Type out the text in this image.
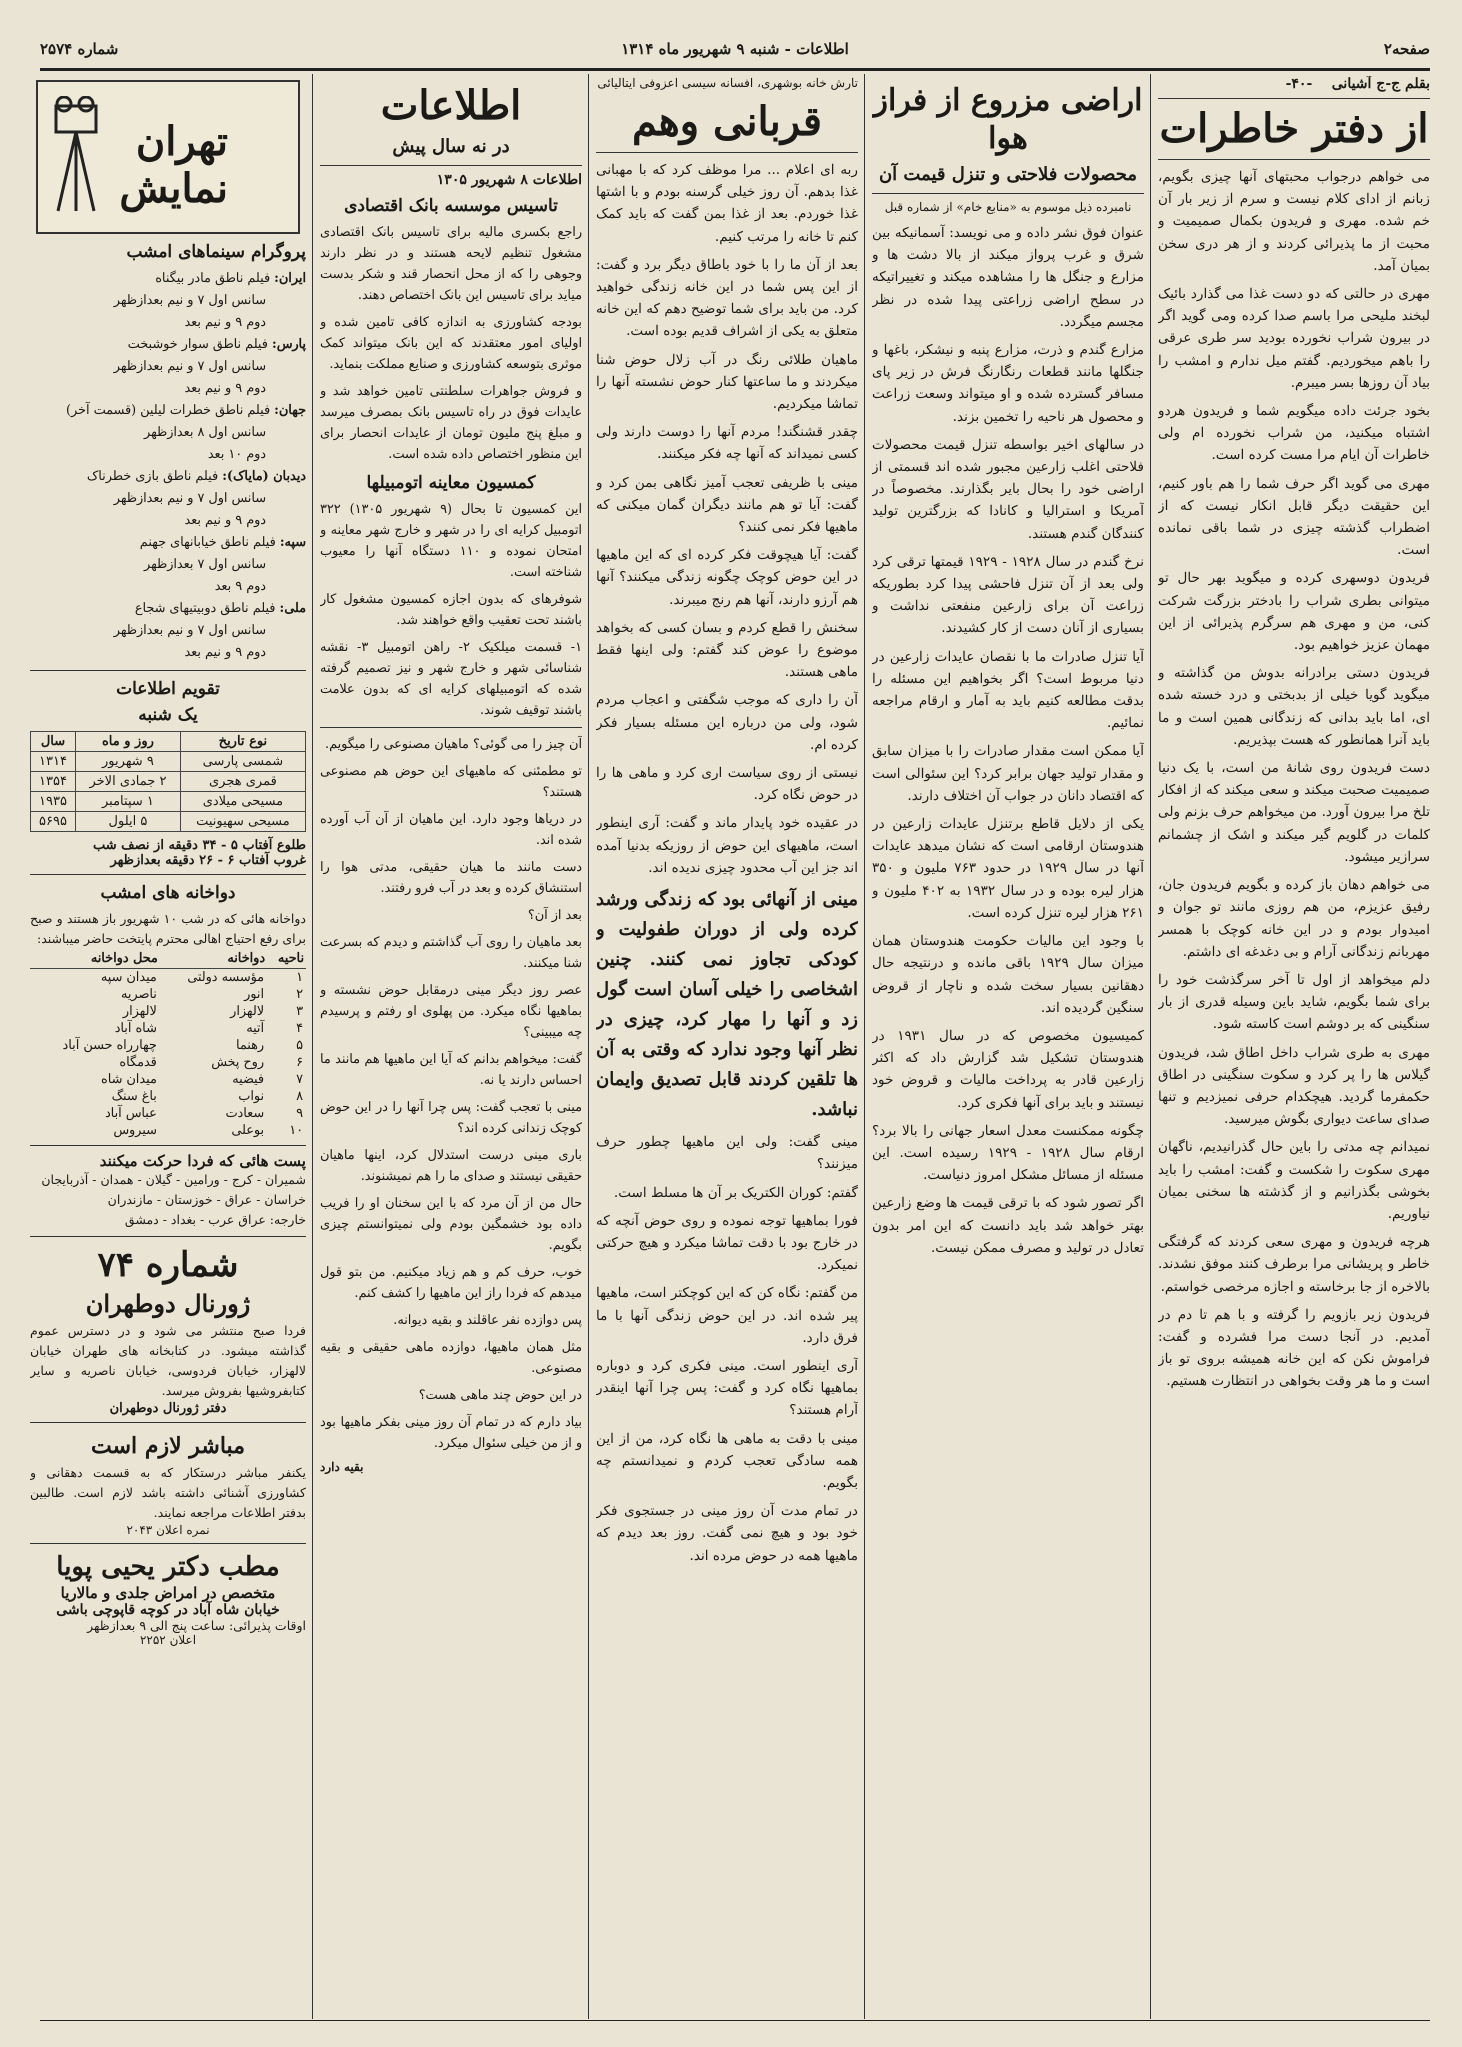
شماره ۲۵۷۴	اطلاعات - شنبه ۹ شهریور ماه ۱۳۱۴	صفحه۲
بقلم ج-ج آشیانی    -۴۰-
از دفتر خاطرات

می خواهم درجواب محبتهای آنها چیزی بگویم، زبانم از ادای کلام نیست و سرم از زیر بار آن خم شده. مهری و فریدون بکمال صمیمیت و محبت از ما پذیرائی کردند و از هر دری سخن بمیان آمد.

مهری در حالتی که دو دست غذا می گذارد بائیک لبخند مليحی مرا باسم صدا کرده ومی گوید اگر در بیرون شراب نخورده بودید سر طری عرقی را باهم میخوردیم. گفتم میل ندارم و امشب را بیاد آن روزها بسر میبرم.

بخود جرئت داده میگویم شما و فریدون هردو اشتباه میکنید، من شراب نخورده ام ولی خاطرات آن ایام مرا مست کرده است.

مهری می گوید اگر حرف شما را هم باور کنیم، این حقیقت دیگر قابل انکار نیست که از اضطراب گذشته چیزی در شما باقی نمانده است.

فریدون دوسهری کرده و میگوید بهر حال تو میتوانی بطری شراب را بادختر بزرگت شرکت کنی، من و مهری هم سرگرم پذیرائی از این مهمان عزیز خواهیم بود.

فریدون دستی برادرانه بدوش من گذاشته و میگوید گویا خیلی از بدبختی و درد خسته شده ای، اما باید بدانی که زندگانی همین است و ما باید آنرا همانطور که هست بپذیریم.

دست فریدون روی شانهٔ من است، با یک دنیا صمیمیت صحبت میکند و سعی میکند که از افکار تلخ مرا بیرون آورد. من میخواهم حرف بزنم ولی کلمات در گلویم گیر میکند و اشک از چشمانم سرازیر میشود.

می خواهم دهان باز کرده و بگویم فریدون جان، رفیق عزیزم، من هم روزی مانند تو جوان و امیدوار بودم و در این خانه کوچک با همسر مهربانم زندگانی آرام و بی دغدغه ای داشتم.

دلم میخواهد از اول تا آخر سرگذشت خود را برای شما بگویم، شاید باین وسیله قدری از بار سنگینی که بر دوشم است کاسته شود.

مهری به طری شراب داخل اطاق شد، فریدون گیلاس ها را پر کرد و سکوت سنگینی در اطاق حکمفرما گردید. هیچکدام حرفی نمیزدیم و تنها صدای ساعت دیواری بگوش میرسید.

نمیدانم چه مدتی را باین حال گذرانیدیم، ناگهان مهری سکوت را شکست و گفت: امشب را باید بخوشی بگذرانیم و از گذشته ها سخنی بمیان نیاوریم.

هرچه فریدون و مهری سعی کردند که گرفتگی خاطر و پریشانی مرا برطرف کنند موفق نشدند. بالاخره از جا برخاسته و اجازه مرخصی خواستم.

فریدون زیر بازویم را گرفته و با هم تا دم در آمدیم. در آنجا دست مرا فشرده و گفت: فراموش نکن که این خانه همیشه بروی تو باز است و ما هر وقت بخواهی در انتظارت هستیم.

اراضی مزروع از فراز هوا
محصولات فلاحتی و تنزل قیمت آن
نامبرده ذیل موسوم به «منابع خام» از شماره قبل

عنوان فوق نشر داده و می نویسد: آسمانیکه بین شرق و غرب پرواز میکند از بالا دشت ها و مزارع و جنگل ها را مشاهده میکند و تغییراتیکه در سطح اراضی زراعتی پیدا شده در نظر مجسم میگردد.

مزارع گندم و ذرت، مزارع پنبه و نیشکر، باغها و جنگلها مانند قطعات رنگارنگ فرش در زیر پای مسافر گسترده شده و او میتواند وسعت زراعت و محصول هر ناحیه را تخمین بزند.

در سالهای اخیر بواسطه تنزل قیمت محصولات فلاحتی اغلب زارعین مجبور شده اند قسمتی از اراضی خود را بحال بایر بگذارند. مخصوصاً در آمریکا و استرالیا و کانادا که بزرگترین تولید کنندگان گندم هستند.

نرخ گندم در سال ۱۹۲۸ - ۱۹۲۹ قیمتها ترقی کرد ولی بعد از آن تنزل فاحشی پیدا کرد بطوریکه زراعت آن برای زارعین منفعتی نداشت و بسیاری از آنان دست از کار کشیدند.

آیا تنزل صادرات ما با نقصان عایدات زارعین در دنیا مربوط است؟ اگر بخواهیم این مسئله را بدقت مطالعه کنیم باید به آمار و ارقام مراجعه نمائیم.

آیا ممکن است مقدار صادرات را با میزان سابق و مقدار تولید جهان برابر کرد؟ این سئوالی است که اقتصاد دانان در جواب آن اختلاف دارند.

یکی از دلایل قاطع برتنزل عایدات زارعین در هندوستان ارقامی است که نشان میدهد عایدات آنها در سال ۱۹۲۹ در حدود ۷۶۳ ملیون و ۳۵۰ هزار لیره بوده و در سال ۱۹۳۲ به ۴۰۲ ملیون و ۲۶۱ هزار لیره تنزل کرده است.

با وجود این مالیات حکومت هندوستان همان میزان سال ۱۹۲۹ باقی مانده و درنتیجه حال دهقانین بسیار سخت شده و ناچار از قروض سنگین گردیده اند.

کمیسیون مخصوص که در سال ۱۹۳۱ در هندوستان تشکیل شد گزارش داد که اکثر زارعین قادر به پرداخت مالیات و قروض خود نیستند و باید برای آنها فکری کرد.

چگونه ممکنست معدل اسعار جهانی را بالا برد؟ ارقام سال ۱۹۲۸ - ۱۹۲۹ رسیده است. این مسئله از مسائل مشکل امروز دنیاست.

اگر تصور شود که با ترقی قیمت ها وضع زارعین بهتر خواهد شد باید دانست که این امر بدون تعادل در تولید و مصرف ممکن نیست.

تارش خانه بوشهری، افسانه سیسی اعزوفی ایتالیائی
قربانی وهم

ربه ای اعلام ... مرا موظف کرد که با مهبانی غذا بدهم. آن روز خیلی گرسنه بودم و با اشتها غذا خوردم. بعد از غذا بمن گفت که باید کمک کنم تا خانه را مرتب کنیم.

بعد از آن ما را با خود باطاق دیگر برد و گفت: از این پس شما در این خانه زندگی خواهید کرد. من باید برای شما توضیح دهم که این خانه متعلق به یکی از اشراف قدیم بوده است.

ماهیان طلائی رنگ در آب زلال حوض شنا میکردند و ما ساعتها کنار حوض نشسته آنها را تماشا میکردیم.

چقدر قشنگند! مردم آنها را دوست دارند ولی کسی نمیداند که آنها چه فکر میکنند.

مینی با ظریفی تعجب آمیز نگاهی بمن کرد و گفت: آیا تو هم مانند دیگران گمان میکنی که ماهیها فکر نمی کنند؟

گفت: آیا هیچوقت فکر کرده ای که این ماهیها در این حوض کوچک چگونه زندگی میکنند؟ آنها هم آرزو دارند، آنها هم رنج میبرند.

سخنش را قطع کردم و بسان کسی که بخواهد موضوع را عوض کند گفتم: ولی اینها فقط ماهی هستند.

آن را داری که موجب شگفتی و اعجاب مردم شود، ولی من درباره این مسئله بسیار فکر کرده ام.

نیستی از روی سیاست اری کرد و ماهی ها را در حوض نگاه کرد.

در عقیده خود پایدار ماند و گفت: آری اینطور است، ماهیهای این حوض از روزیکه بدنیا آمده اند جز این آب محدود چیزی ندیده اند.

مینی از آنهائی بود که زندگی ورشد کرده ولی از دوران طفولیت و کودکی تجاوز نمی کنند. چنین اشخاصی را خیلی آسان است گول زد و آنها را مهار کرد، چیزی در نظر آنها وجود ندارد که وقتی به آن ها تلقین کردند قابل تصدیق وایمان نباشد.

مینی گفت: ولی این ماهیها چطور حرف میزنند؟

گفتم: کوران الکتریک بر آن ها مسلط است.

فورا بماهیها توجه نموده و روی حوض آنچه که در خارج بود با دقت تماشا میکرد و هیچ حرکتی نمیکرد.

من گفتم: نگاه کن که این کوچکتر است، ماهیها پیر شده اند. در این حوض زندگی آنها با ما فرق دارد.

آری اینطور است. مینی فکری کرد و دوباره بماهیها نگاه کرد و گفت: پس چرا آنها اینقدر آرام هستند؟

مینی با دقت به ماهی ها نگاه کرد، من از این همه سادگی تعجب کردم و نمیدانستم چه بگویم.

در تمام مدت آن روز مینی در جستجوی فکر خود بود و هیچ نمی گفت. روز بعد دیدم که ماهیها همه در حوض مرده اند.

اطلاعات
در نه سال پیش
اطلاعات ۸ شهریور ۱۳۰۵
تاسیس موسسه بانک اقتصادی

راجع بکسری مالیه برای تاسیس بانک اقتصادی مشغول تنظیم لایحه هستند و در نظر دارند وجوهی را که از محل انحصار قند و شکر بدست میاید برای تاسیس این بانک اختصاص دهند.

بودجه کشاورزی به اندازه کافی تامین شده و اولیای امور معتقدند که این بانک میتواند کمک موثری بتوسعه کشاورزی و صنایع مملکت بنماید.

و فروش جواهرات سلطنتی تامین خواهد شد و عایدات فوق در راه تاسیس بانک بمصرف میرسد و مبلغ پنج ملیون تومان از عایدات انحصار برای این منظور اختصاص داده شده است.

کمسیون معاینه اتومبیلها

این کمسیون تا بحال (۹ شهریور ۱۳۰۵) ۳۲۲ اتومبیل کرایه ای را در شهر و خارج شهر معاینه و امتحان نموده و ۱۱۰ دستگاه آنها را معیوب شناخته است.

شوفرهای که بدون اجازه کمسیون مشغول کار باشند تحت تعقیب واقع خواهند شد.

۱- قسمت میلکیک ۲- راهن اتومبیل ۳- نقشه شناسائی شهر و خارج شهر و نیز تصمیم گرفته شده که اتومبیلهای کرایه ای که بدون علامت باشند توقیف شوند.

آن چیز را می گوئی؟ ماهیان مصنوعی را میگویم.

تو مطمئنی که ماهیهای این حوض هم مصنوعی هستند؟

در دریاها وجود دارد. این ماهیان از آن آب آورده شده اند.

دست مانند ما هیان حقیقی، مدتی هوا را استنشاق کرده و بعد در آب فرو رفتند.

بعد از آن؟

بعد ماهیان را روی آب گذاشتم و دیدم که بسرعت شنا میکنند.

عصر روز دیگر مینی درمقابل حوض نشسته و بماهیها نگاه میکرد. من پهلوی او رفتم و پرسیدم چه میبینی؟

گفت: میخواهم بدانم که آیا این ماهیها هم مانند ما احساس دارند یا نه.

مینی با تعجب گفت: پس چرا آنها را در این حوض کوچک زندانی کرده اند؟

باری مینی درست استدلال کرد، اینها ماهیان حقیقی نیستند و صدای ما را هم نمیشنوند.

حال من از آن مرد که با این سخنان او را فریب داده بود خشمگین بودم ولی نمیتوانستم چیزی بگویم.

خوب، حرف کم و هم زیاد میکنیم. من بتو قول میدهم که فردا راز این ماهیها را کشف کنم.

پس دوازده نفر عاقلند و بقیه دیوانه.

مثل همان ماهیها، دوازده ماهی حقیقی و بقیه مصنوعی.

در این حوض چند ماهی هست؟

بیاد دارم که در تمام آن روز مینی بفکر ماهیها بود و از من خیلی سئوال میکرد.

بقیه دارد
تهران نمایش
پروگرام سینماهای امشب
ایران: فیلم ناطق مادر بیگناه
سانس اول ۷ و نیم بعدازظهر
دوم ۹ و نیم بعد
پارس: فیلم ناطق سوار خوشبخت
سانس اول ۷ و نیم بعدازظهر
دوم ۹ و نیم بعد
جهان: فیلم ناطق خطرات لیلین (قسمت آخر)
سانس اول ۸ بعدازظهر
دوم ۱۰ بعد
دیدبان (مایاک): فیلم ناطق بازی خطرناک
سانس اول ۷ و نیم بعدازظهر
دوم ۹ و نیم بعد
سپه: فیلم ناطق خیابانهای جهنم
سانس اول ۷ بعدازظهر
دوم ۹ بعد
ملی: فیلم ناطق دوبیتیهای شجاع
سانس اول ۷ و نیم بعدازظهر
دوم ۹ و نیم بعد
تقویم اطلاعات
یک شنبه
نوع تاریخ	روز و ماه	سال
شمسی پارسی	۹ شهریور	۱۳۱۴
قمری هجری	۲ جمادی الاخر	۱۳۵۴
مسیحی میلادی	۱ سپتامبر	۱۹۳۵
مسیحی سهیونیت	۵ ایلول	۵۶۹۵
طلوع آفتاب ۵ - ۳۴ دقیقه از نصف شب
غروب آفتاب ۶ - ۲۶ دقیقه بعدازظهر
دواخانه های امشب
دواخانه هائی که در شب ۱۰ شهریور باز هستند و صبح برای رفع احتیاج اهالی محترم پایتخت حاضر میباشند:
ناحیه	دواخانه	محل دواخانه
۱	مؤسسه دولتی	میدان سپه
۲	انور	ناصریه
۳	لالهزار	لالهزار
۴	آتیه	شاه آباد
۵	رهنما	چهارراه حسن آباد
۶	روح پخش	قدمگاه
۷	فیضیه	میدان شاه
۸	نواب	باغ سنگ
۹	سعادت	عباس آباد
۱۰	بوعلی	سیروس
پست هائی که فردا حرکت میکنند
شمیران - کرج - ورامین - گیلان - همدان - آذربایجان
خراسان - عراق - خوزستان - مازندران
خارجه: عراق عرب - بغداد - دمشق
شماره ۷۴
ژورنال دوطهران
فردا صبح منتشر می شود و در دسترس عموم گذاشته میشود. در کتابخانه های طهران خیابان لالهزار، خیابان فردوسی، خیابان ناصریه و سایر کتابفروشیها بفروش میرسد.
دفتر ژورنال دوطهران
مباشر لازم است
یکنفر مباشر درستکار که به قسمت دهقانی و کشاورزی آشنائی داشته باشد لازم است. طالبین بدفتر اطلاعات مراجعه نمایند.
نمره اعلان ۲۰۴۳
مطب دکتر یحیی پویا
متخصص در امراض جلدی و مالاریا
خیابان شاه آباد در کوچه قاپوچی باشی
اوقات پذیرائی: ساعت پنج الی ۹ بعدازظهر
اعلان ۲۲۵۲
